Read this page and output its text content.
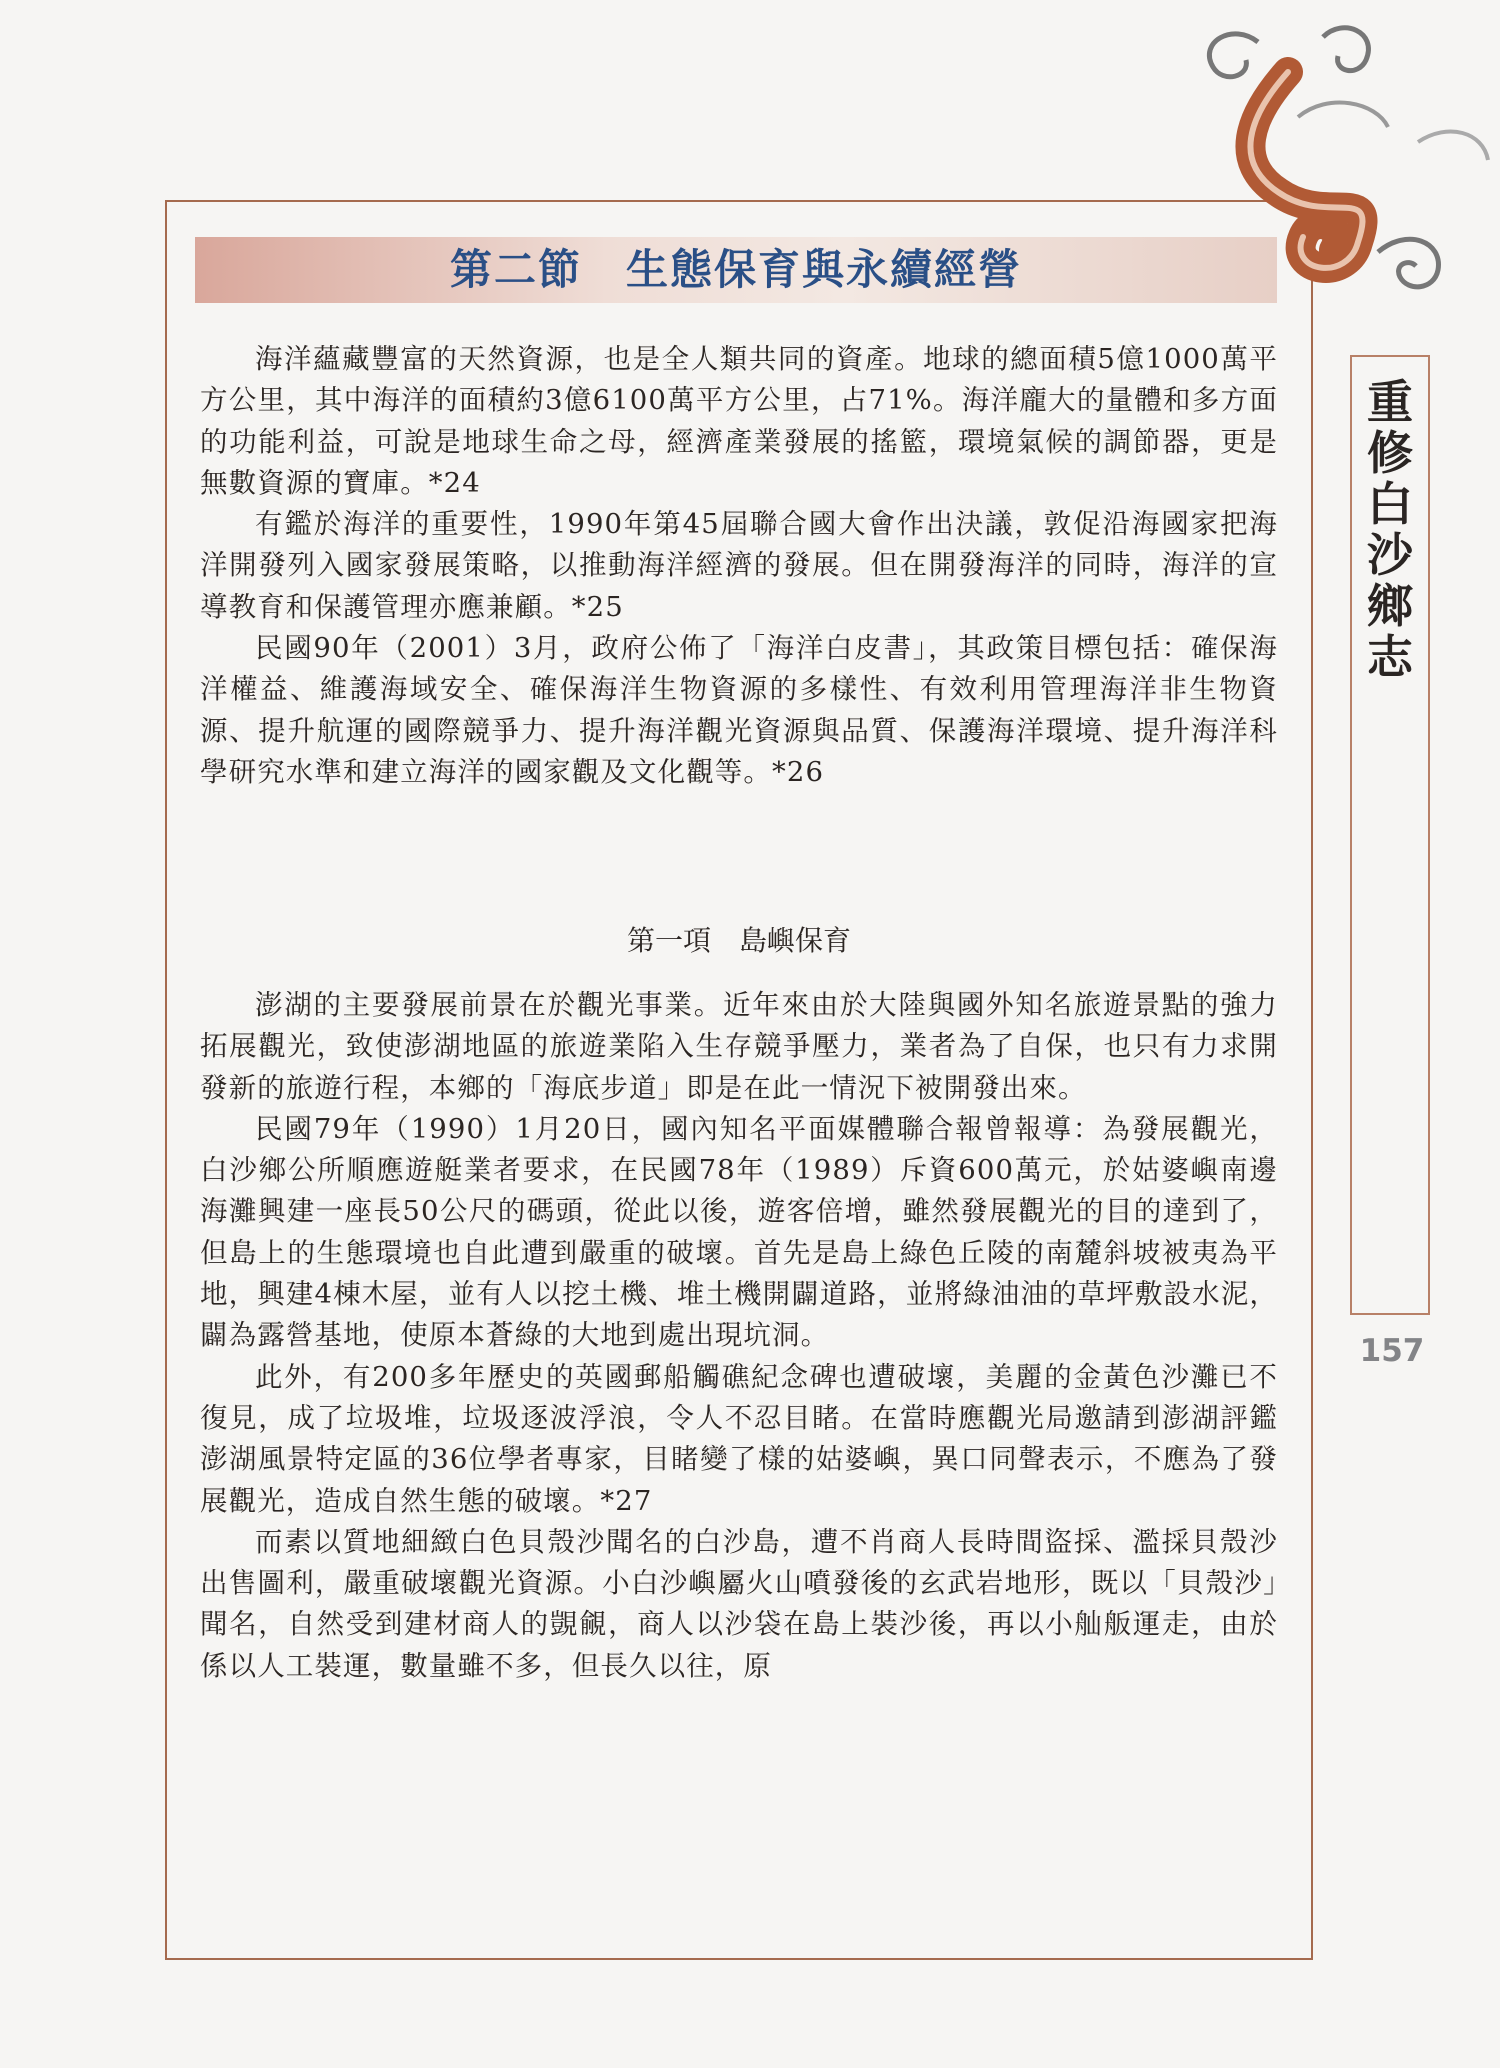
第二節　生態保育與永續經營

海洋蘊藏豐富的天然資源，也是全人類共同的資產。地球的總面積5億1000萬平方公里，其中海洋的面積約3億6100萬平方公里，占71%。海洋龐大的量體和多方面的功能利益，可說是地球生命之母，經濟產業發展的搖籃，環境氣候的調節器，更是無數資源的寶庫。*24

有鑑於海洋的重要性，1990年第45屆聯合國大會作出決議，敦促沿海國家把海洋開發列入國家發展策略，以推動海洋經濟的發展。但在開發海洋的同時，海洋的宣導教育和保護管理亦應兼顧。*25

民國90年（2001）3月，政府公佈了「海洋白皮書」，其政策目標包括：確保海洋權益、維護海域安全、確保海洋生物資源的多樣性、有效利用管理海洋非生物資源、提升航運的國際競爭力、提升海洋觀光資源與品質、保護海洋環境、提升海洋科學研究水準和建立海洋的國家觀及文化觀等。*26

第一項　島嶼保育

澎湖的主要發展前景在於觀光事業。近年來由於大陸與國外知名旅遊景點的強力拓展觀光，致使澎湖地區的旅遊業陷入生存競爭壓力，業者為了自保，也只有力求開發新的旅遊行程，本鄉的「海底步道」即是在此一情況下被開發出來。

民國79年（1990）1月20日，國內知名平面媒體聯合報曾報導：為發展觀光，白沙鄉公所順應遊艇業者要求，在民國78年（1989）斥資600萬元，於姑婆嶼南邊海灘興建一座長50公尺的碼頭，從此以後，遊客倍增，雖然發展觀光的目的達到了，但島上的生態環境也自此遭到嚴重的破壞。首先是島上綠色丘陵的南麓斜坡被夷為平地，興建4棟木屋，並有人以挖土機、堆土機開闢道路，並將綠油油的草坪敷設水泥，闢為露營基地，使原本蒼綠的大地到處出現坑洞。

此外，有200多年歷史的英國郵船觸礁紀念碑也遭破壞，美麗的金黃色沙灘已不復見，成了垃圾堆，垃圾逐波浮浪，令人不忍目睹。在當時應觀光局邀請到澎湖評鑑澎湖風景特定區的36位學者專家，目睹變了樣的姑婆嶼，異口同聲表示，不應為了發展觀光，造成自然生態的破壞。*27

而素以質地細緻白色貝殼沙聞名的白沙島，遭不肖商人長時間盜採、濫採貝殼沙出售圖利，嚴重破壞觀光資源。小白沙嶼屬火山噴發後的玄武岩地形，既以「貝殼沙」聞名，自然受到建材商人的覬覦，商人以沙袋在島上裝沙後，再以小舢舨運走，由於係以人工裝運，數量雖不多，但長久以往，原

重
修
白
沙
鄉
志
157
